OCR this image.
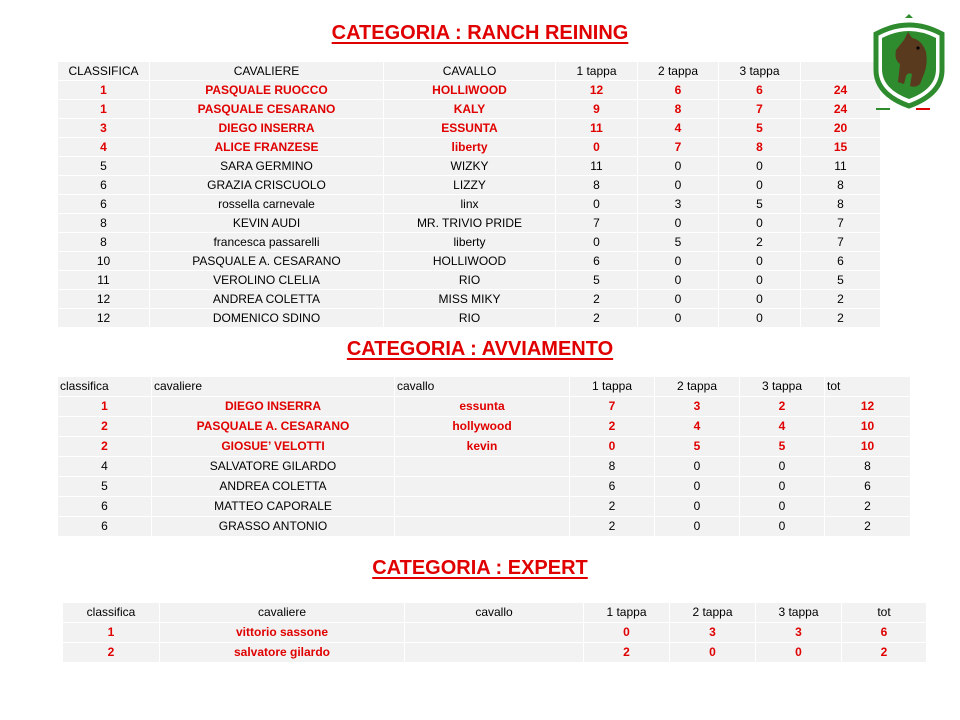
CATEGORIA : RANCH REINING
CLASSIFICA	CAVALIERE	CAVALLO	1 tappa	2 tappa	3 tappa	
1	PASQUALE RUOCCO	HOLLIWOOD	12	6	6	24
1	PASQUALE CESARANO	KALY	9	8	7	24
3	DIEGO INSERRA	ESSUNTA	11	4	5	20
4	ALICE FRANZESE	liberty	0	7	8	15
5	SARA GERMINO	WIZKY	11	0	0	11
6	GRAZIA CRISCUOLO	LIZZY	8	0	0	8
6	rossella carnevale	linx	0	3	5	8
8	KEVIN AUDI	MR. TRIVIO PRIDE	7	0	0	7
8	francesca passarelli	liberty	0	5	2	7
10	PASQUALE A. CESARANO	HOLLIWOOD	6	0	0	6
11	VEROLINO CLELIA	RIO	5	0	0	5
12	ANDREA COLETTA	MISS MIKY	2	0	0	2
12	DOMENICO SDINO	RIO	2	0	0	2
CATEGORIA : AVVIAMENTO
classifica	cavaliere	cavallo	1 tappa	2 tappa	3 tappa	tot
1	DIEGO INSERRA	essunta	7	3	2	12
2	PASQUALE A. CESARANO	hollywood	2	4	4	10
2	GIOSUE’ VELOTTI	kevin	0	5	5	10
4	SALVATORE GILARDO		8	0	0	8
5	ANDREA COLETTA		6	0	0	6
6	MATTEO CAPORALE		2	0	0	2
6	GRASSO ANTONIO		2	0	0	2
CATEGORIA : EXPERT
classifica	cavaliere	cavallo	1 tappa	2 tappa	3 tappa	tot
1	vittorio sassone		0	3	3	6
2	salvatore gilardo		2	0	0	2
